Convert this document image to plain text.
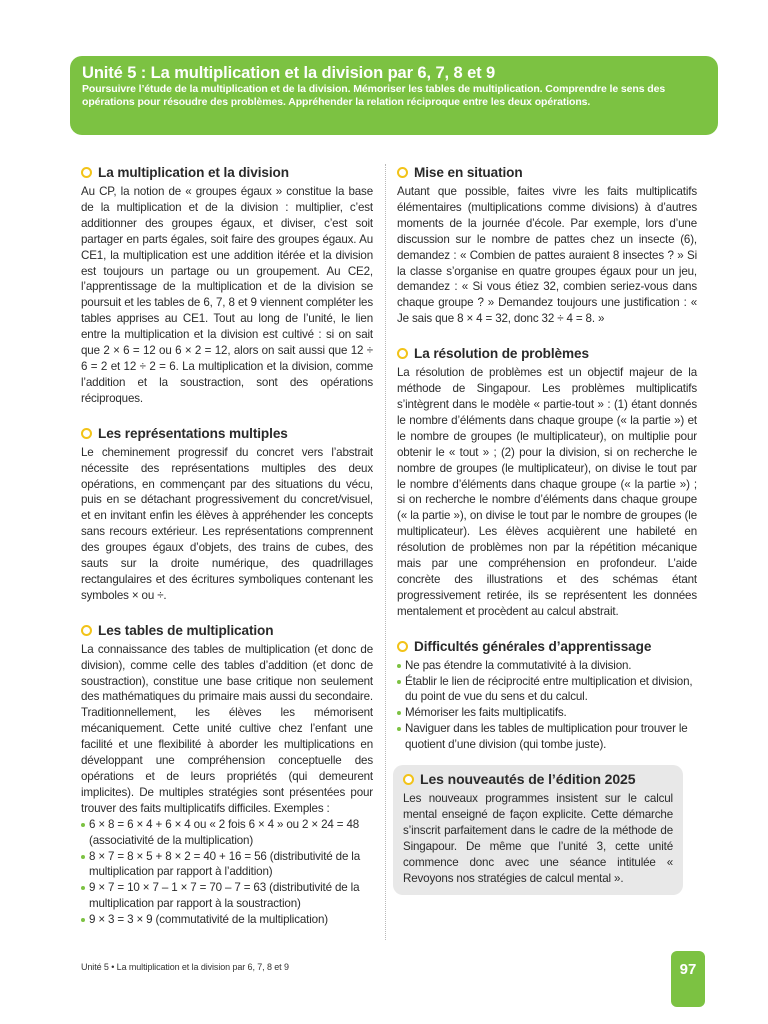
Unité 5 : La multiplication et la division par 6, 7, 8 et 9

Poursuivre l’étude de la multiplication et de la division. Mémoriser les tables de multiplication. Comprendre le sens des opérations pour résoudre des problèmes. Appréhender la relation réciproque entre les deux opérations.

La multiplication et la division

Au CP, la notion de « groupes égaux » constitue la base de la multiplication et de la division : multiplier, c’est additionner des groupes égaux, et diviser, c’est soit partager en parts égales, soit faire des groupes égaux. Au CE1, la multiplication est une addition itérée et la division est toujours un partage ou un groupement. Au CE2, l’apprentissage de la multiplication et de la division se poursuit et les tables de 6, 7, 8 et 9 viennent compléter les tables apprises au CE1. Tout au long de l’unité, le lien entre la multiplication et la division est cultivé : si on sait que 2 × 6 = 12 ou 6 × 2 = 12, alors on sait aussi que 12 ÷ 6 = 2 et 12 ÷ 2 = 6. La multiplication et la division, comme l’addition et la soustraction, sont des opérations réciproques.

Les représentations multiples

Le cheminement progressif du concret vers l’abstrait nécessite des représentations multiples des deux opérations, en commençant par des situations du vécu, puis en se détachant progressivement du concret/visuel, et en invitant enfin les élèves à appréhender les concepts sans recours extérieur. Les représentations comprennent des groupes égaux d’objets, des trains de cubes, des sauts sur la droite numérique, des quadrillages rectangulaires et des écritures symboliques contenant les symboles × ou ÷.

Les tables de multiplication

La connaissance des tables de multiplication (et donc de division), comme celle des tables d’addition (et donc de soustraction), constitue une base critique non seulement des mathématiques du primaire mais aussi du secondaire. Traditionnellement, les élèves les mémorisent mécaniquement. Cette unité cultive chez l’enfant une facilité et une flexibilité à aborder les multiplications en développant une compréhension conceptuelle des opérations et de leurs propriétés (qui demeurent implicites). De multiples stratégies sont présentées pour trouver des faits multiplicatifs difficiles. Exemples :

6 × 8 = 6 × 4 + 6 × 4 ou « 2 fois 6 × 4 » ou 2 × 24 = 48 (associativité de la multiplication)
8 × 7 = 8 × 5 + 8 × 2 = 40 + 16 = 56 (distributivité de la multiplication par rapport à l’addition)
9 × 7 = 10 × 7 – 1 × 7 = 70 – 7 = 63 (distributivité de la multiplication par rapport à la soustraction)
9 × 3 = 3 × 9 (commutativité de la multiplication)
Mise en situation

Autant que possible, faites vivre les faits multiplicatifs élémentaires (multiplications comme divisions) à d’autres moments de la journée d’école. Par exemple, lors d’une discussion sur le nombre de pattes chez un insecte (6), demandez : « Combien de pattes auraient 8 insectes ? » Si la classe s’organise en quatre groupes égaux pour un jeu, demandez : « Si vous étiez 32, combien seriez-vous dans chaque groupe ? » Demandez toujours une justification : « Je sais que 8 × 4 = 32, donc 32 ÷ 4 = 8. »

La résolution de problèmes

La résolution de problèmes est un objectif majeur de la méthode de Singapour. Les problèmes multiplicatifs s’intègrent dans le modèle « partie-tout » : (1) étant donnés le nombre d’éléments dans chaque groupe (« la partie ») et le nombre de groupes (le multiplicateur), on multiplie pour obtenir le « tout » ; (2) pour la division, si on recherche le nombre de groupes (le multiplicateur), on divise le tout par le nombre d’éléments dans chaque groupe (« la partie ») ; si on recherche le nombre d’éléments dans chaque groupe (« la partie »), on divise le tout par le nombre de groupes (le multiplicateur). Les élèves acquièrent une habileté en résolution de problèmes non par la répétition mécanique mais par une compréhension en profondeur. L’aide concrète des illustrations et des schémas étant progressivement retirée, ils se représentent les données mentalement et procèdent au calcul abstrait.

Difficultés générales d’apprentissage
Ne pas étendre la commutativité à la division.
Établir le lien de réciprocité entre multiplication et division, du point de vue du sens et du calcul.
Mémoriser les faits multiplicatifs.
Naviguer dans les tables de multiplication pour trouver le quotient d’une division (qui tombe juste).
Les nouveautés de l’édition 2025

Les nouveaux programmes insistent sur le calcul mental enseigné de façon explicite. Cette démarche s’inscrit parfaitement dans le cadre de la méthode de Singapour. De même que l’unité 3, cette unité commence donc avec une séance intitulée « Revoyons nos stratégies de calcul mental ».

Unité 5 • La multiplication et la division par 6, 7, 8 et 9	97
